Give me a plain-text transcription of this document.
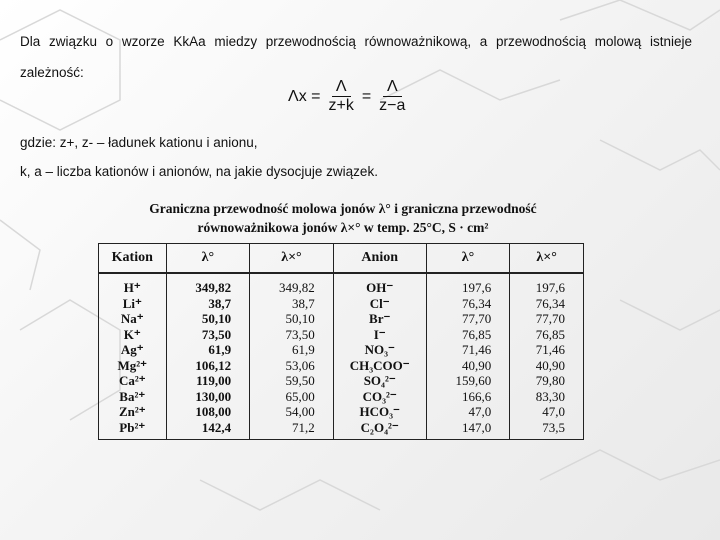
Dla związku o wzorze KkAa miedzy przewodnością równoważnikową, a przewodnością molową istnieje

zależność:

$\Lambda x = \frac{\Lambda}{z+k} = \frac{\Lambda}{z-a}$

gdzie: z+, z- – ładunek kationu i anionu,

k, a – liczba kationów i anionów, na jakie dysocjuje związek.

Graniczna przewodność molowa jonów λ° i graniczna przewodność
równoważnikowa jonów λ×° w temp. 25°C, S · cm²
Kation	λ°	λ×°	Anion	λ°	λ×°
H⁺	349,82	349,82	OH⁻	197,6	197,6
Li⁺	38,7	38,7	Cl⁻	76,34	76,34
Na⁺	50,10	50,10	Br⁻	77,70	77,70
K⁺	73,50	73,50	I⁻	76,85	76,85
Ag⁺	61,9	61,9	NO₃⁻	71,46	71,46
Mg²⁺	106,12	53,06	CH₃COO⁻	40,90	40,90
Ca²⁺	119,00	59,50	SO₄²⁻	159,60	79,80
Ba²⁺	130,00	65,00	CO₃²⁻	166,6	83,30
Zn²⁺	108,00	54,00	HCO₃⁻	47,0	47,0
Pb²⁺	142,4	71,2	C₂O₄²⁻	147,0	73,5
